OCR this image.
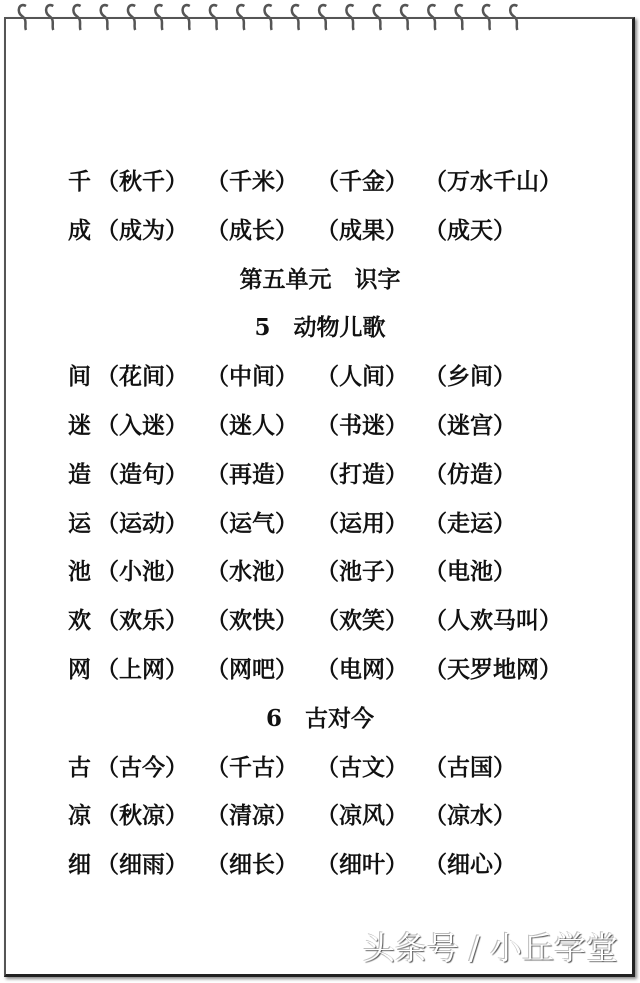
千 （秋千） （千米） （千金） （万水千山）
成 （成为） （成长） （成果） （成天）
第五单元　识字
5　动物儿歌
间 （花间） （中间） （人间） （乡间）
迷 （入迷） （迷人） （书迷） （迷宫）
造 （造句） （再造） （打造） （仿造）
运 （运动） （运气） （运用） （走运）
池 （小池） （水池） （池子） （电池）
欢 （欢乐） （欢快） （欢笑） （人欢马叫）
网 （上网） （网吧） （电网） （天罗地网）
6　古对今
古 （古今） （千古） （古文） （古国）
凉 （秋凉） （清凉） （凉风） （凉水）
细 （细雨） （细长） （细叶） （细心）
头条号 / 小丘学堂
